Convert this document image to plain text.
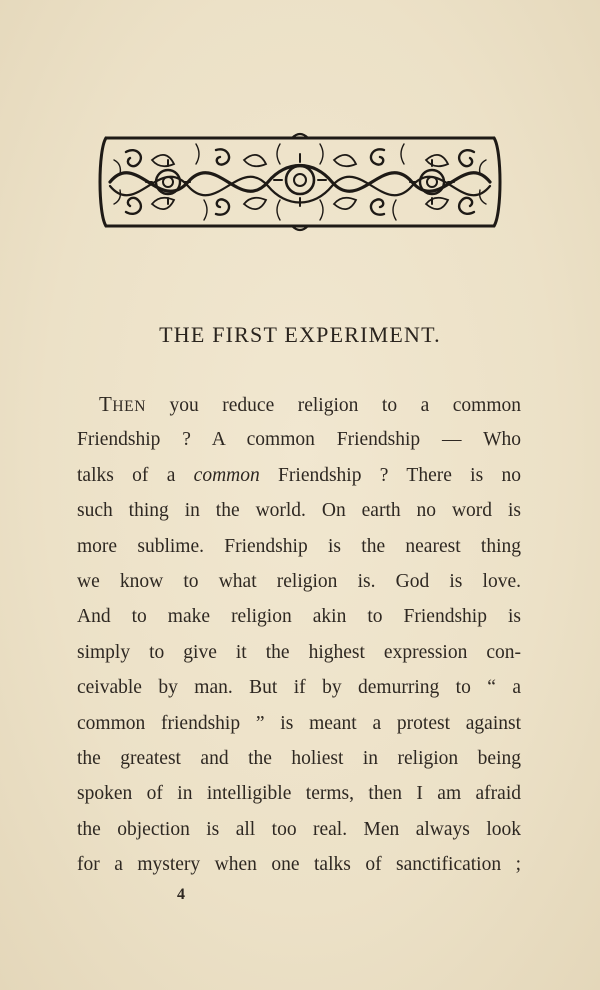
THE FIRST EXPERIMENT.
THEN you reduce religion to a common
Friendship ? A common Friendship — Who
talks of a common Friendship ? There is no
such thing in the world. On earth no word is
more sublime. Friendship is the nearest thing
we know to what religion is. God is love.
And to make religion akin to Friendship is
simply to give it the highest expression con-
ceivable by man. But if by demurring to “ a
common friendship ” is meant a protest against
the greatest and the holiest in religion being
spoken of in intelligible terms, then I am afraid
the objection is all too real. Men always look
for a mystery when one talks of sanctification ;
4
